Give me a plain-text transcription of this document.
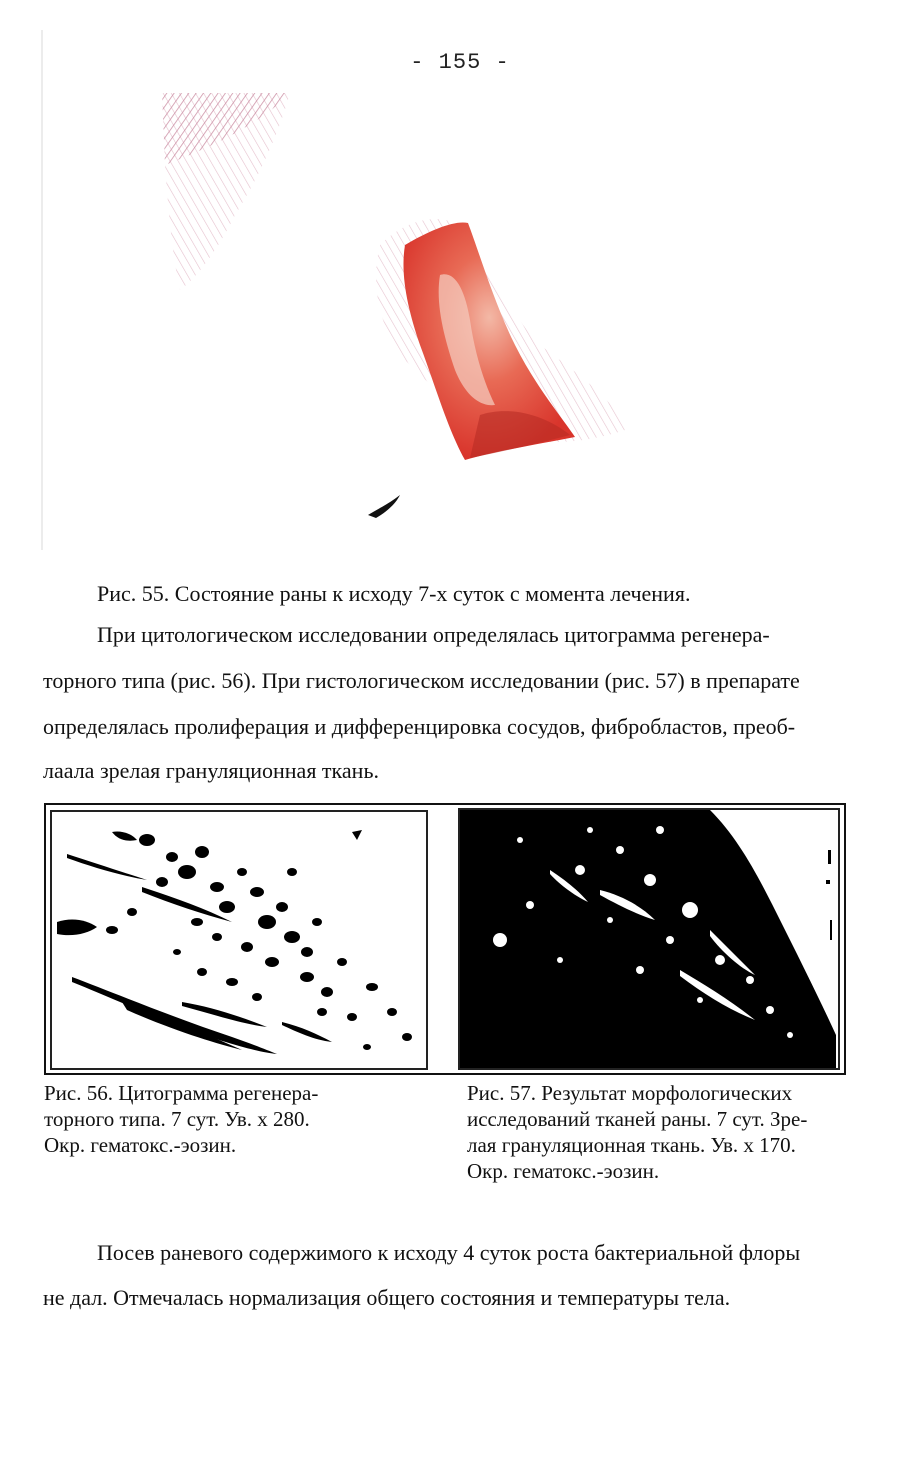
- 155 -
Рис. 55. Состояние раны к исходу 7-х суток с момента лечения.
При цитологическом исследовании определялась цитограмма регенера-
торного типа (рис. 56). При гистологическом исследовании (рис. 57) в препарате
определялась пролиферация и дифференцировка сосудов, фибробластов, преоб-
лаала зрелая грануляционная ткань.
Рис. 56. Цитограмма регенера-
торного типа. 7 сут. Ув. х 280.
Окр. гематокс.-эозин.
Рис. 57. Результат морфологических
исследований тканей раны. 7 сут. Зре-
лая грануляционная ткань. Ув. х 170.
Окр. гематокс.-эозин.
Посев раневого содержимого к исходу 4 суток роста бактериальной флоры
не дал. Отмечалась нормализация общего состояния и температуры тела.
